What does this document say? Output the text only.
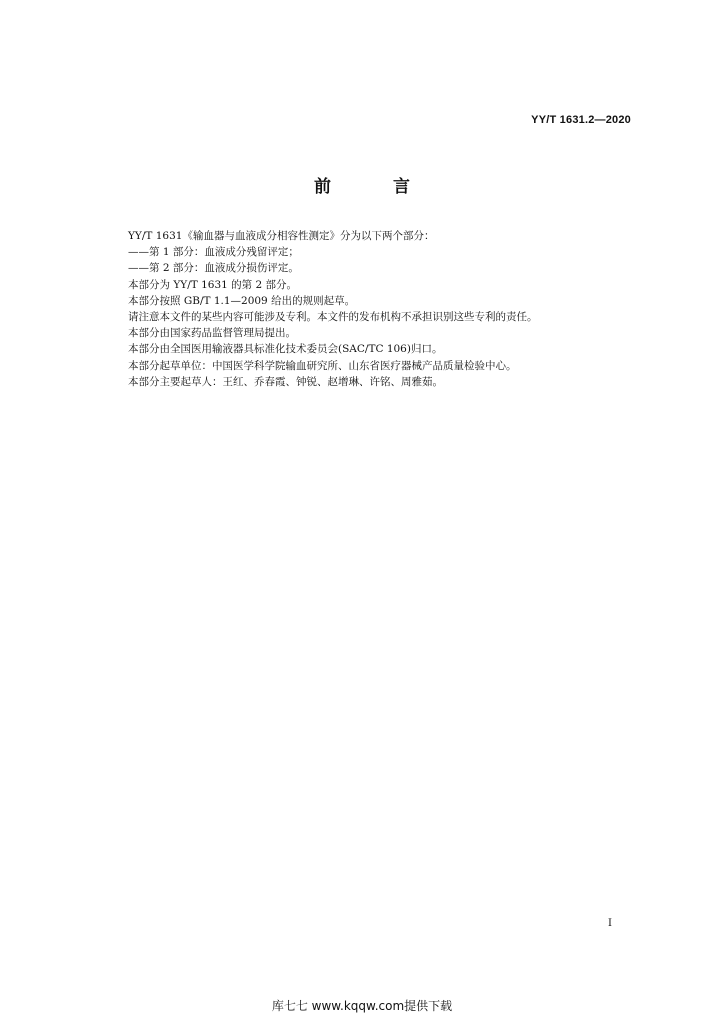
YY/T 1631.2—2020
前 言

YY/T 1631《输血器与血液成分相容性测定》分为以下两个部分：

——第 1 部分：血液成分残留评定；

——第 2 部分：血液成分损伤评定。

本部分为 YY/T 1631 的第 2 部分。

本部分按照 GB/T 1.1—2009 给出的规则起草。

请注意本文件的某些内容可能涉及专利。本文件的发布机构不承担识别这些专利的责任。

本部分由国家药品监督管理局提出。

本部分由全国医用输液器具标准化技术委员会(SAC/TC 106)归口。

本部分起草单位：中国医学科学院输血研究所、山东省医疗器械产品质量检验中心。

本部分主要起草人：王红、乔春霞、钟锐、赵增琳、许铭、周雅茹。

I
库七七 www.kqqw.com提供下载
